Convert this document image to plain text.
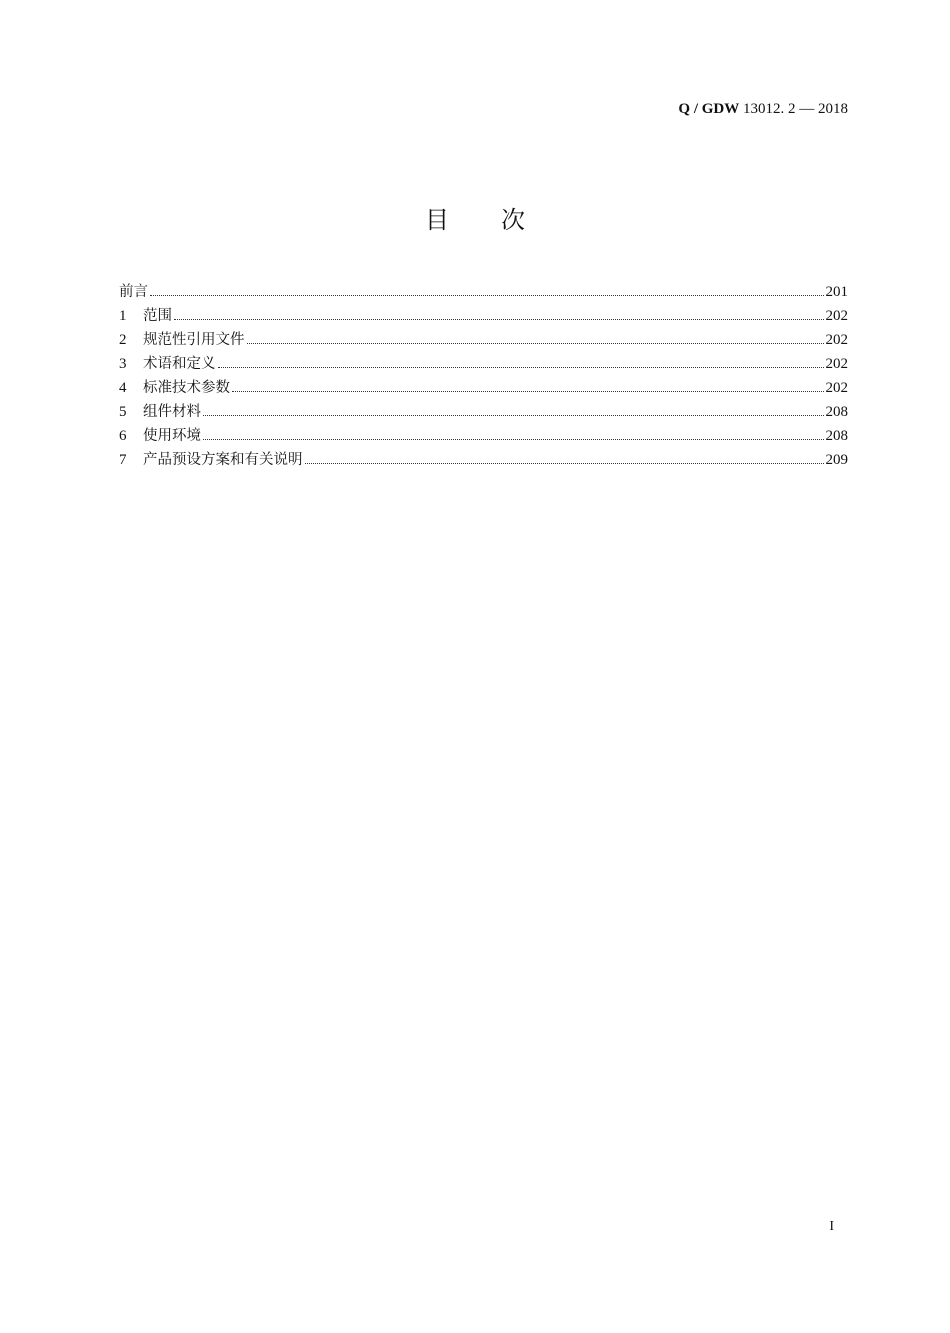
Q / GDW 13012. 2 — 2018
目 次
前言	201
1	范围	202
2	规范性引用文件	202
3	术语和定义	202
4	标准技术参数	202
5	组件材料	208
6	使用环境	208
7	产品预设方案和有关说明	209
I
